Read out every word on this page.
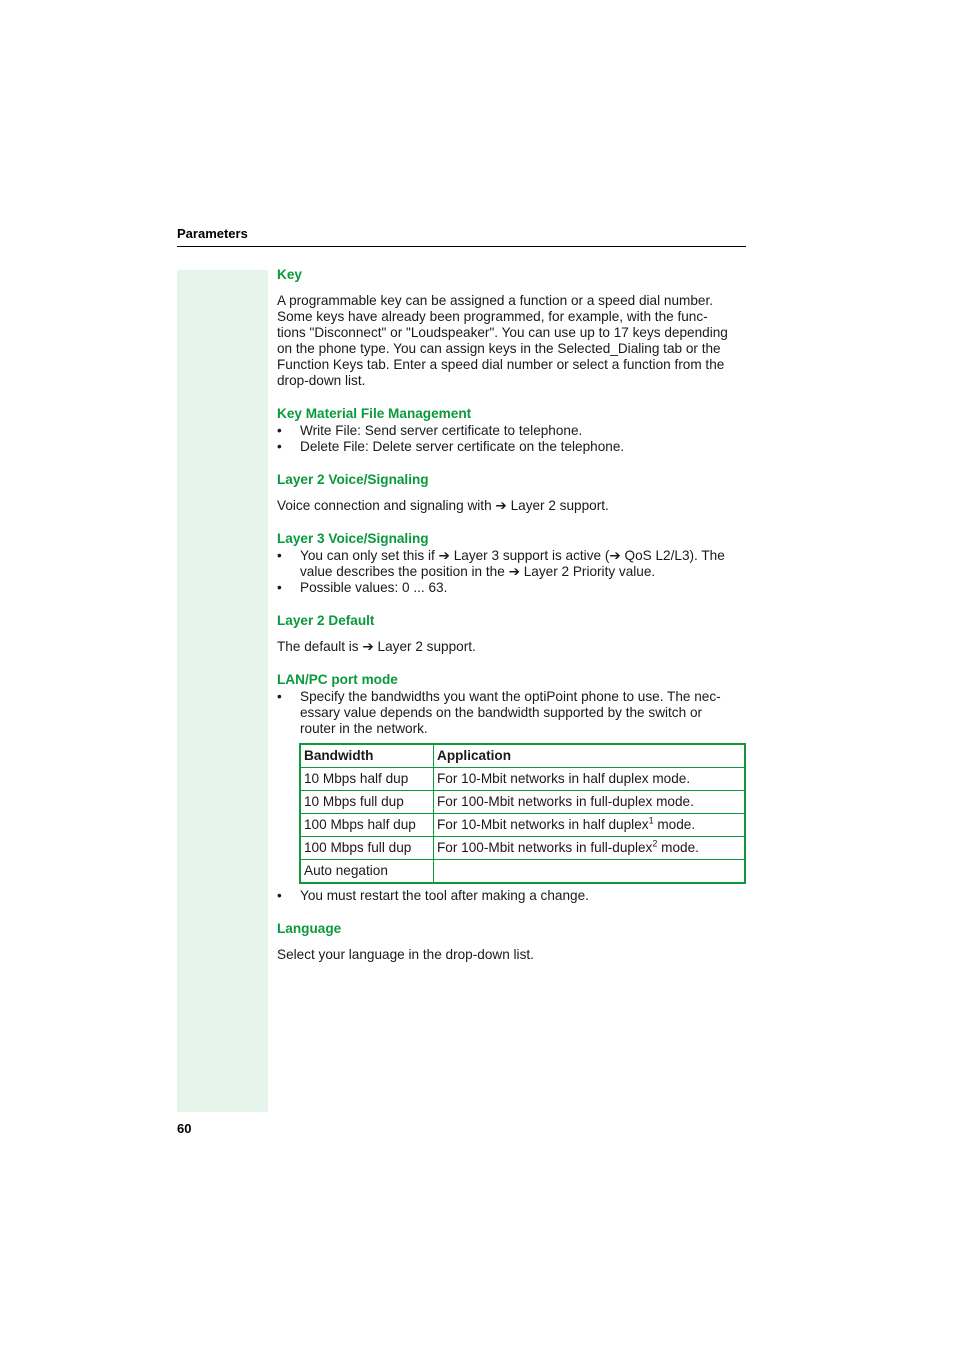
Parameters
Key

A programmable key can be assigned a function or a speed dial number.
Some keys have already been programmed, for example, with the func-
tions "Disconnect" or "Loudspeaker". You can use up to 17 keys depending
on the phone type. You can assign keys in the Selected_Dialing tab or the
Function Keys tab. Enter a speed dial number or select a function from the
drop-down list.

Key Material File Management
• Write File: Send server certificate to telephone.
• Delete File: Delete server certificate on the telephone.
Layer 2 Voice/Signaling

Voice connection and signaling with ➔ Layer 2 support.

Layer 3 Voice/Signaling
• You can only set this if ➔ Layer 3 support is active (➔ QoS L2/L3). The
value describes the position in the ➔ Layer 2 Priority value.
• Possible values: 0 ... 63.
Layer 2 Default

The default is ➔ Layer 2 support.

LAN/PC port mode
• Specify the bandwidths you want the optiPoint phone to use. The nec-
essary value depends on the bandwidth supported by the switch or
router in the network.
Bandwidth	Application
10 Mbps half dup	For 10-Mbit networks in half duplex mode.
10 Mbps full dup	For 100-Mbit networks in full-duplex mode.
100 Mbps half dup	For 10-Mbit networks in half duplex$^1$ mode.
100 Mbps full dup	For 100-Mbit networks in full-duplex$^2$ mode.
Auto negation	
• You must restart the tool after making a change.
Language

Select your language in the drop-down list.

60
